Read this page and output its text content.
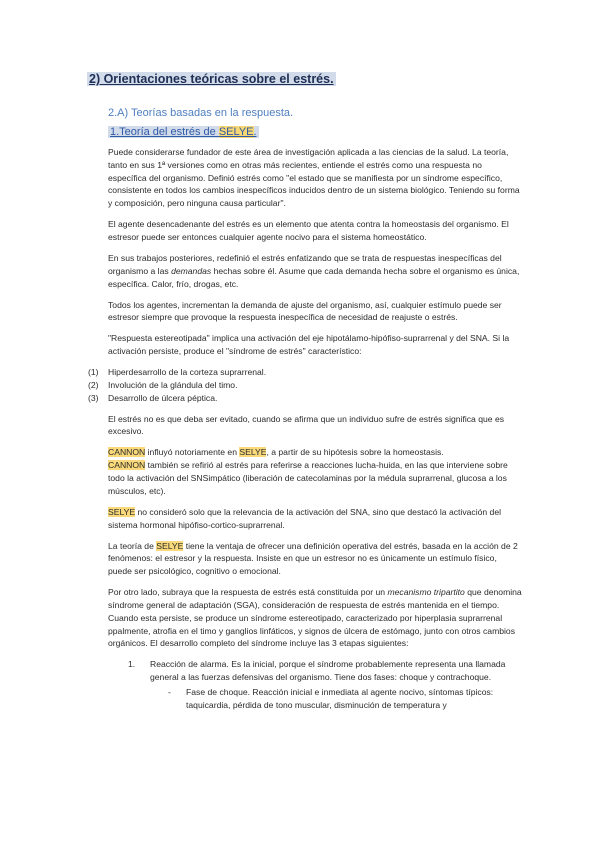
2) Orientaciones teóricas sobre el estrés.
2.A) Teorías basadas en la respuesta.
1.Teoría del estrés de SELYE.

Puede considerarse fundador de este área de investigación aplicada a las ciencias de la salud. La teoría, tanto en sus 1ª versiones como en otras más recientes, entiende el estrés como una respuesta no específica del organismo. Definió estrés como "el estado que se manifiesta por un síndrome específico, consistente en todos los cambios inespecíficos inducidos dentro de un sistema biológico. Teniendo su forma y composición, pero ninguna causa particular".

El agente desencadenante del estrés es un elemento que atenta contra la homeostasis del organismo. El estresor puede ser entonces cualquier agente nocivo para el sistema homeostático.

En sus trabajos posteriores, redefinió el estrés enfatizando que se trata de respuestas inespecíficas del organismo a las demandas hechas sobre él. Asume que cada demanda hecha sobre el organismo es única, específica. Calor, frío, drogas, etc.

Todos los agentes, incrementan la demanda de ajuste del organismo, así, cualquier estímulo puede ser estresor siempre que provoque la respuesta inespecífica de necesidad de reajuste o estrés.

"Respuesta estereotipada" implica una activación del eje hipotálamo-hipófiso-suprarrenal y del SNA. Si la activación persiste, produce el "síndrome de estrés" característico:

(1) Hiperdesarrollo de la corteza suprarrenal.
(2) Involución de la glándula del timo.
(3) Desarrollo de úlcera péptica.

El estrés no es que deba ser evitado, cuando se afirma que un individuo sufre de estrés significa que es excesivo.

CANNON influyó notoriamente en SELYE, a partir de su hipótesis sobre la homeostasis.
CANNON también se refirió al estrés para referirse a reacciones lucha-huida, en las que interviene sobre todo la activación del SNSimpático (liberación de catecolaminas por la médula suprarrenal, glucosa a los músculos, etc).

SELYE no consideró solo que la relevancia de la activación del SNA, sino que destacó la activación del sistema hormonal hipófiso-cortico-suprarrenal.

La teoría de SELYE tiene la ventaja de ofrecer una definición operativa del estrés, basada en la acción de 2 fenómenos: el estresor y la respuesta. Insiste en que un estresor no es únicamente un estímulo físico, puede ser psicológico, cognitivo o emocional.

Por otro lado, subraya que la respuesta de estrés está constituida por un mecanismo tripartito que denomina síndrome general de adaptación (SGA), consideración de respuesta de estrés mantenida en el tiempo. Cuando esta persiste, se produce un síndrome estereotipado, caracterizado por hiperplasia suprarrenal ppalmente, atrofia en el timo y ganglios linfáticos, y signos de úlcera de estómago, junto con otros cambios orgánicos. El desarrollo completo del síndrome incluye las 3 etapas siguientes:

1. Reacción de alarma. Es la inicial, porque el síndrome probablemente representa una llamada general a las fuerzas defensivas del organismo. Tiene dos fases: choque y contrachoque.
- Fase de choque. Reacción inicial e inmediata al agente nocivo, síntomas típicos: taquicardia, pérdida de tono muscular, disminución de temperatura y
